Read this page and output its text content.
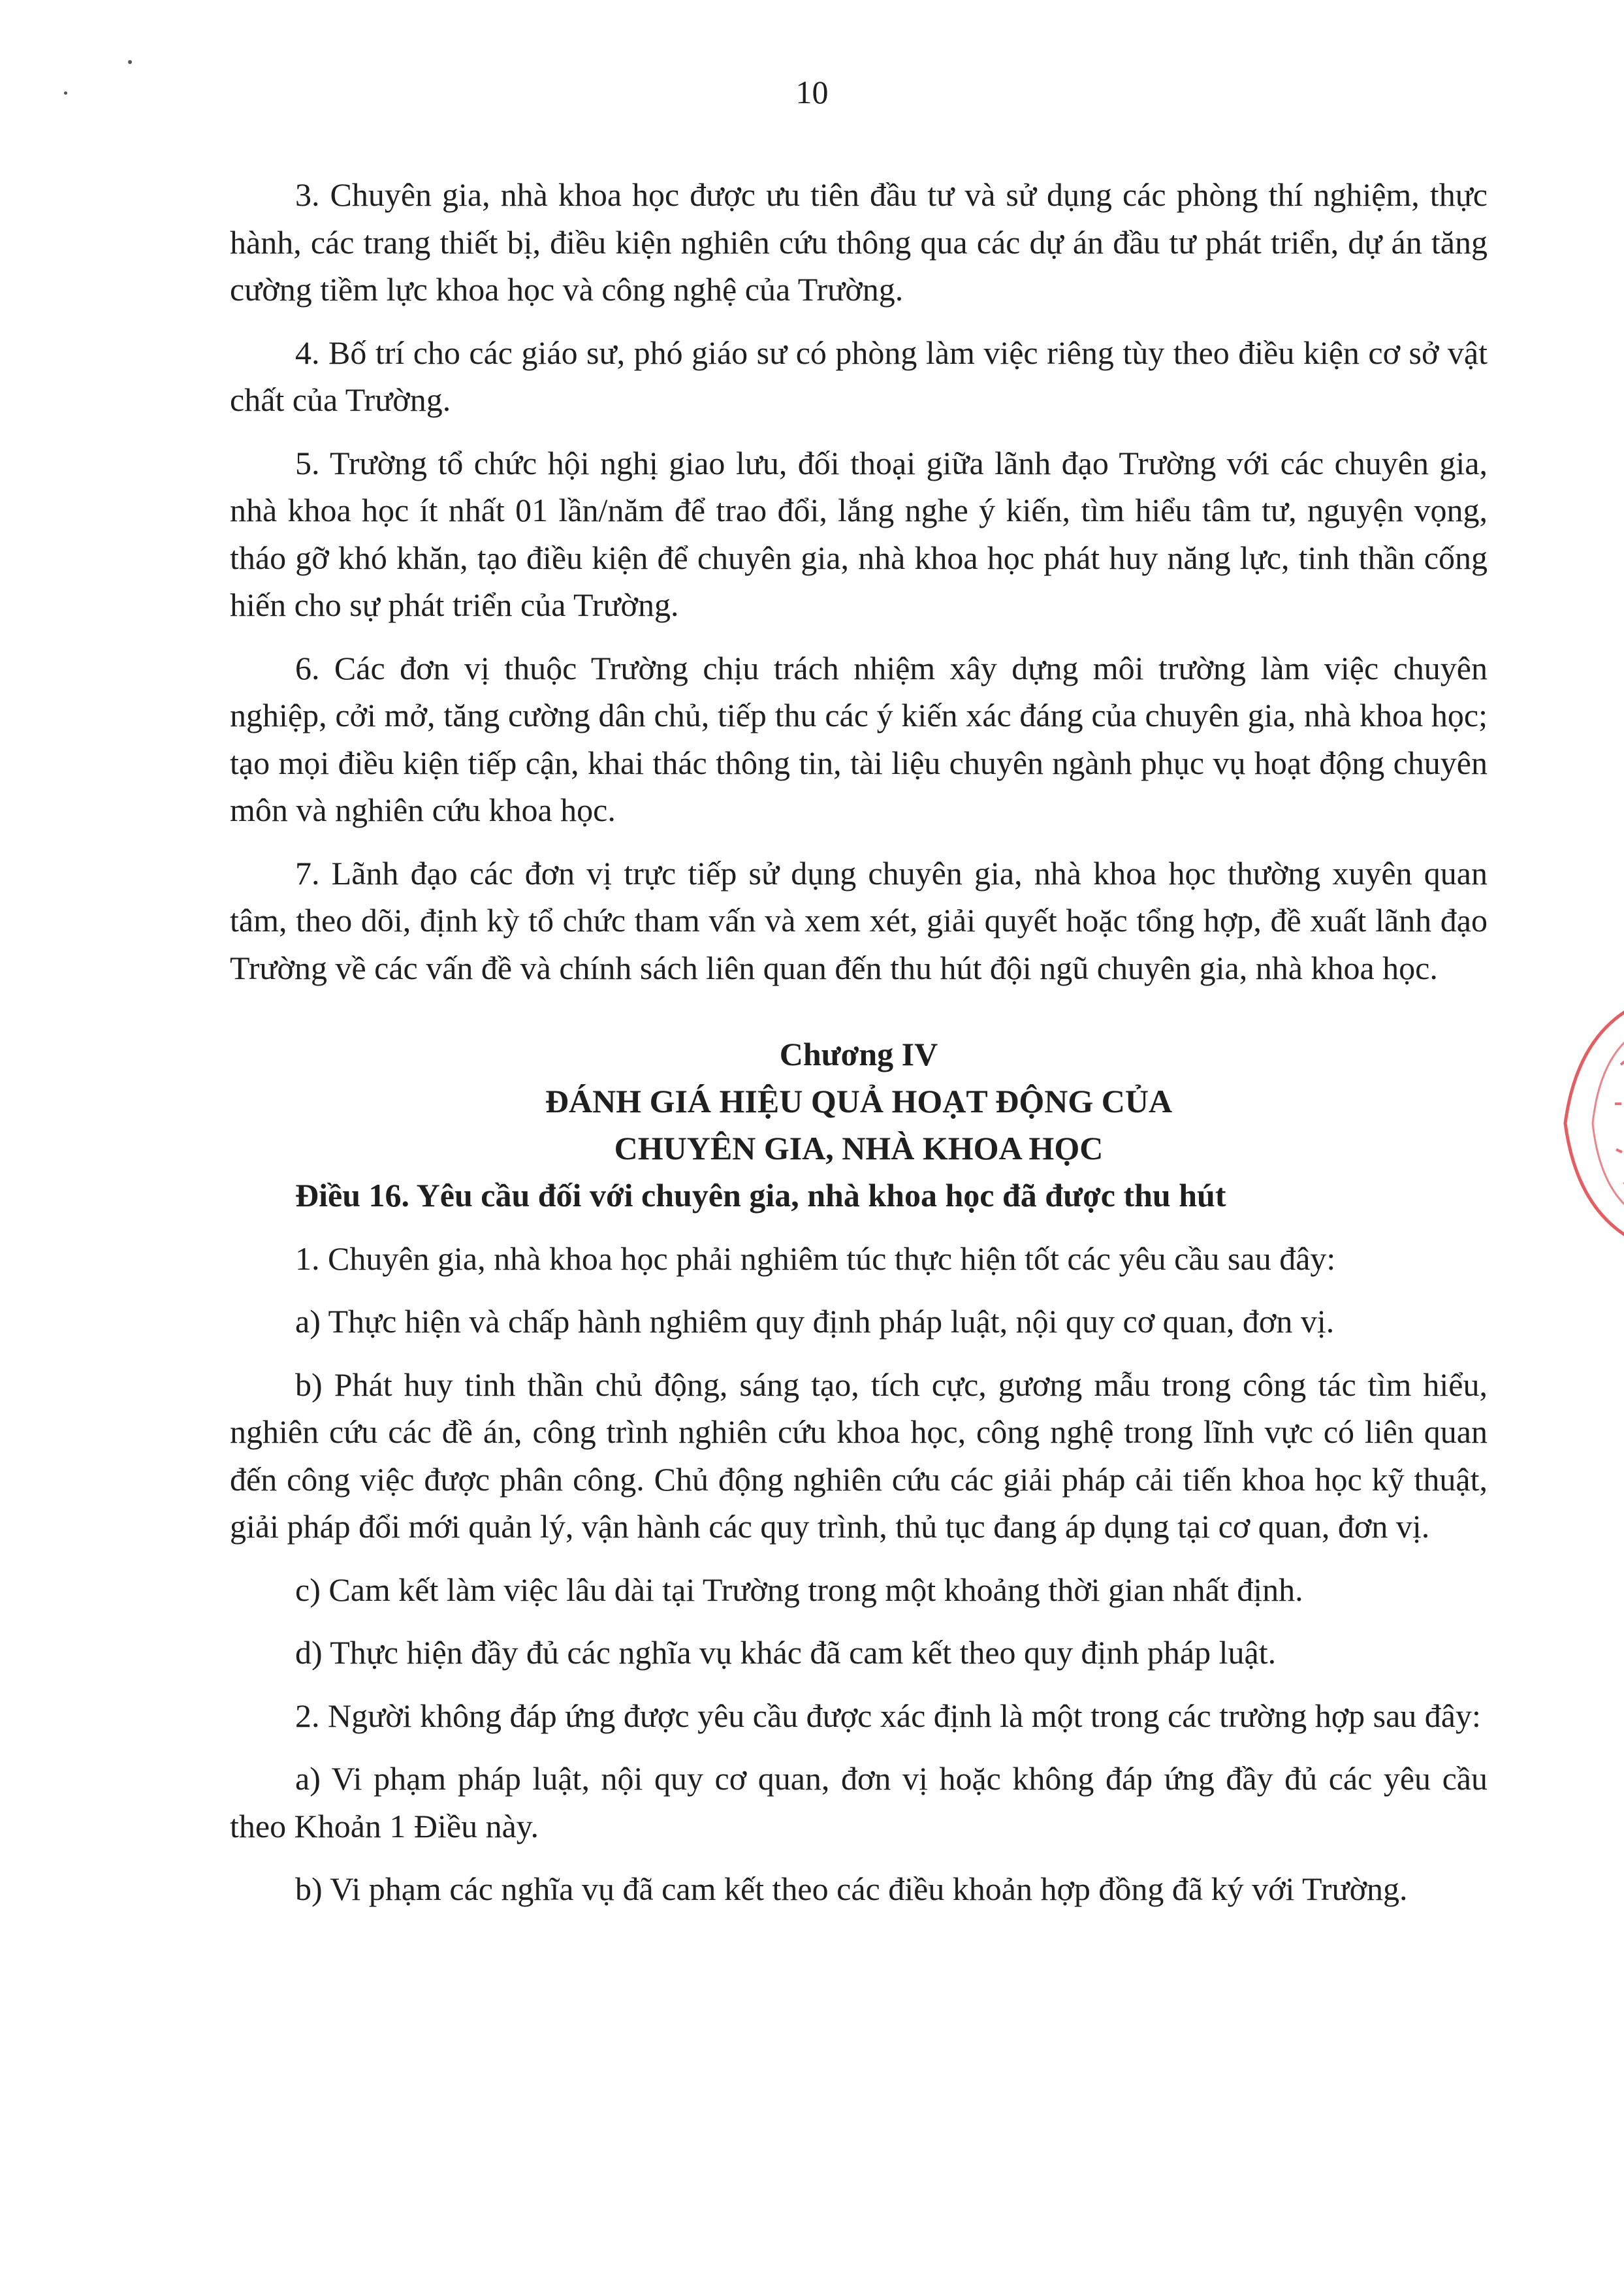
10

3. Chuyên gia, nhà khoa học được ưu tiên đầu tư và sử dụng các phòng thí nghiệm, thực hành, các trang thiết bị, điều kiện nghiên cứu thông qua các dự án đầu tư phát triển, dự án tăng cường tiềm lực khoa học và công nghệ của Trường.

4. Bố trí cho các giáo sư, phó giáo sư có phòng làm việc riêng tùy theo điều kiện cơ sở vật chất của Trường.

5. Trường tổ chức hội nghị giao lưu, đối thoại giữa lãnh đạo Trường với các chuyên gia, nhà khoa học ít nhất 01 lần/năm để trao đổi, lắng nghe ý kiến, tìm hiểu tâm tư, nguyện vọng, tháo gỡ khó khăn, tạo điều kiện để chuyên gia, nhà khoa học phát huy năng lực, tinh thần cống hiến cho sự phát triển của Trường.

6. Các đơn vị thuộc Trường chịu trách nhiệm xây dựng môi trường làm việc chuyên nghiệp, cởi mở, tăng cường dân chủ, tiếp thu các ý kiến xác đáng của chuyên gia, nhà khoa học; tạo mọi điều kiện tiếp cận, khai thác thông tin, tài liệu chuyên ngành phục vụ hoạt động chuyên môn và nghiên cứu khoa học.

7. Lãnh đạo các đơn vị trực tiếp sử dụng chuyên gia, nhà khoa học thường xuyên quan tâm, theo dõi, định kỳ tổ chức tham vấn và xem xét, giải quyết hoặc tổng hợp, đề xuất lãnh đạo Trường về các vấn đề và chính sách liên quan đến thu hút đội ngũ chuyên gia, nhà khoa học.

Chương IV
ĐÁNH GIÁ HIỆU QUẢ HOẠT ĐỘNG CỦA
CHUYÊN GIA, NHÀ KHOA HỌC

Điều 16. Yêu cầu đối với chuyên gia, nhà khoa học đã được thu hút

1. Chuyên gia, nhà khoa học phải nghiêm túc thực hiện tốt các yêu cầu sau đây:

a) Thực hiện và chấp hành nghiêm quy định pháp luật, nội quy cơ quan, đơn vị.

b) Phát huy tinh thần chủ động, sáng tạo, tích cực, gương mẫu trong công tác tìm hiểu, nghiên cứu các đề án, công trình nghiên cứu khoa học, công nghệ trong lĩnh vực có liên quan đến công việc được phân công. Chủ động nghiên cứu các giải pháp cải tiến khoa học kỹ thuật, giải pháp đổi mới quản lý, vận hành các quy trình, thủ tục đang áp dụng tại cơ quan, đơn vị.

c) Cam kết làm việc lâu dài tại Trường trong một khoảng thời gian nhất định.

d) Thực hiện đầy đủ các nghĩa vụ khác đã cam kết theo quy định pháp luật.

2. Người không đáp ứng được yêu cầu được xác định là một trong các trường hợp sau đây:

a) Vi phạm pháp luật, nội quy cơ quan, đơn vị hoặc không đáp ứng đầy đủ các yêu cầu theo Khoản 1 Điều này.

b) Vi phạm các nghĩa vụ đã cam kết theo các điều khoản hợp đồng đã ký với Trường.
